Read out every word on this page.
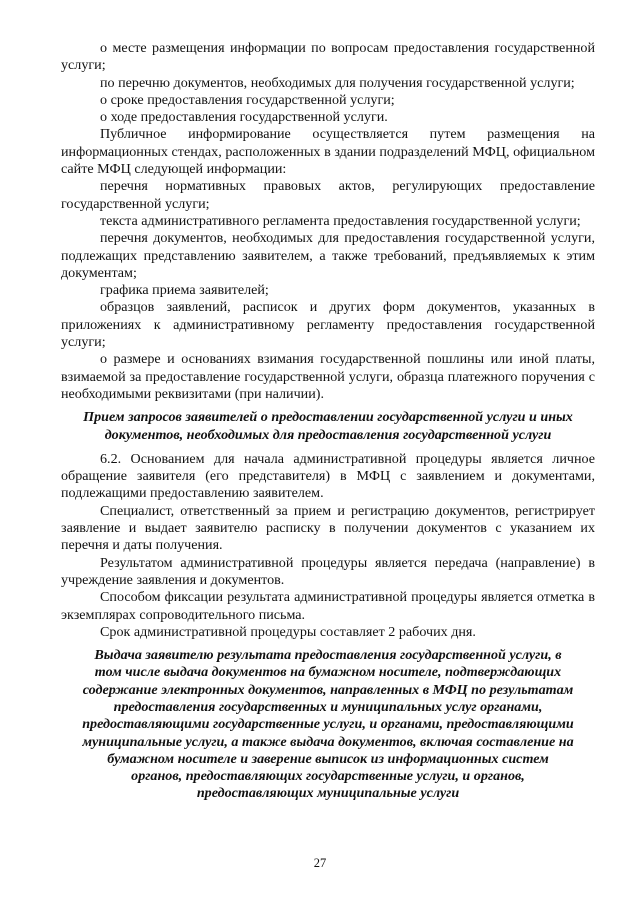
о месте размещения информации по вопросам предоставления государственной услуги;

по перечню документов, необходимых для получения государственной услуги;

о сроке предоставления государственной услуги;

о ходе предоставления государственной услуги.

Публичное информирование осуществляется путем размещения на информационных стендах, расположенных в здании подразделений МФЦ, официальном сайте МФЦ следующей информации:

перечня нормативных правовых актов, регулирующих предоставление государственной услуги;

текста административного регламента предоставления государственной услуги;

перечня документов, необходимых для предоставления государственной услуги, подлежащих представлению заявителем, а также требований, предъявляемых к этим документам;

графика приема заявителей;

образцов заявлений, расписок и других форм документов, указанных в приложениях к административному регламенту предоставления государственной услуги;

о размере и основаниях взимания государственной пошлины или иной платы, взимаемой за предоставление государственной услуги, образца платежного поручения с необходимыми реквизитами (при наличии).

Прием запросов заявителей о предоставлении государственной услуги и иных
документов, необходимых для предоставления государственной услуги

6.2. Основанием для начала административной процедуры является личное обращение заявителя (его представителя) в МФЦ с заявлением и документами, подлежащими предоставлению заявителем.

Специалист, ответственный за прием и регистрацию документов, регистрирует заявление и выдает заявителю расписку в получении документов с указанием их перечня и даты получения.

Результатом административной процедуры является передача (направление) в учреждение заявления и документов.

Способом фиксации результата административной процедуры является отметка в экземплярах сопроводительного письма.

Срок административной процедуры составляет 2 рабочих дня.

Выдача заявителю результата предоставления государственной услуги, в
том числе выдача документов на бумажном носителе, подтверждающих
содержание электронных документов, направленных в МФЦ по результатам
предоставления государственных и муниципальных услуг органами,
предоставляющими государственные услуги, и органами, предоставляющими
муниципальные услуги, а также выдача документов, включая составление на
бумажном носителе и заверение выписок из информационных систем
органов, предоставляющих государственные услуги, и органов,
предоставляющих муниципальные услуги
27
